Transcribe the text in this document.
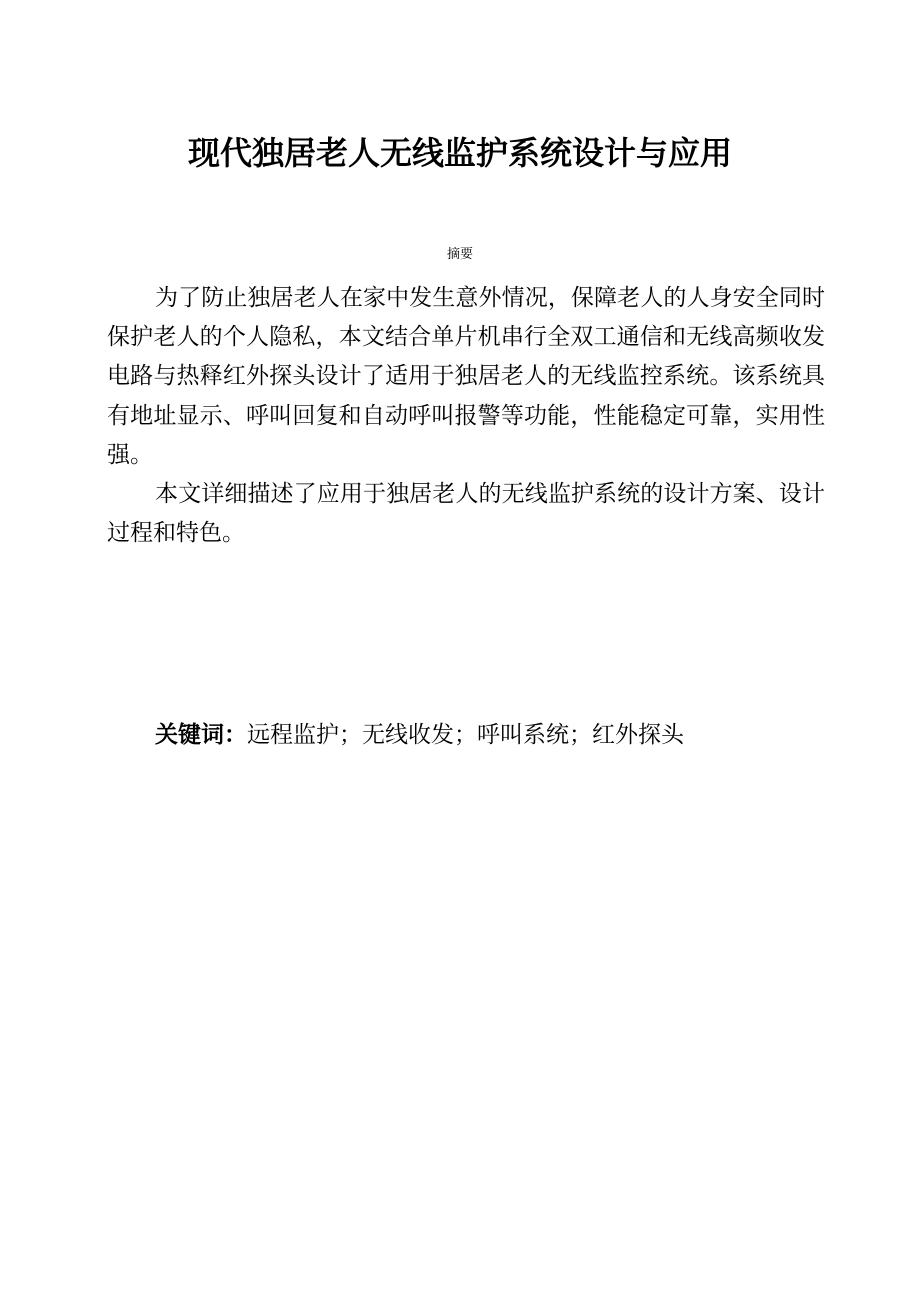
现代独居老人无线监护系统设计与应用
摘要

为了防止独居老人在家中发生意外情况，保障老人的人身安全同时保护老人的个人隐私，本文结合单片机串行全双工通信和无线高频收发电路与热释红外探头设计了适用于独居老人的无线监控系统。该系统具有地址显示、呼叫回复和自动呼叫报警等功能，性能稳定可靠，实用性强。

本文详细描述了应用于独居老人的无线监护系统的设计方案、设计过程和特色。

关键词：远程监护；无线收发；呼叫系统；红外探头
